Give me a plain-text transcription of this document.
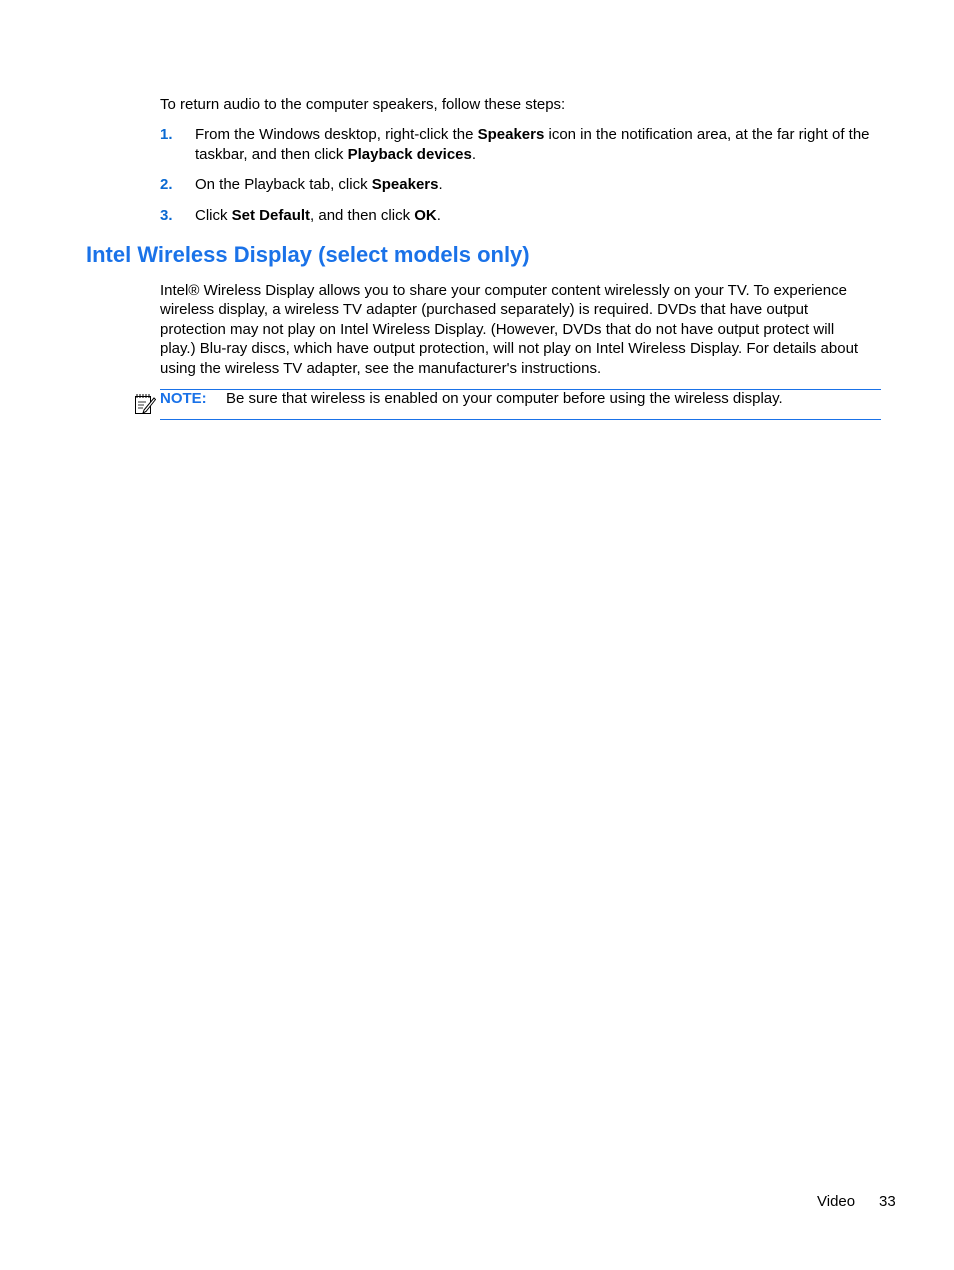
To return audio to the computer speakers, follow these steps:

1. From the Windows desktop, right-click the Speakers icon in the notification area, at the far right of the taskbar, and then click Playback devices.
2. On the Playback tab, click Speakers.
3. Click Set Default, and then click OK.
Intel Wireless Display (select models only)

Intel® Wireless Display allows you to share your computer content wirelessly on your TV. To experience wireless display, a wireless TV adapter (purchased separately) is required. DVDs that have output protection may not play on Intel Wireless Display. (However, DVDs that do not have output protect will play.) Blu-ray discs, which have output protection, will not play on Intel Wireless Display. For details about using the wireless TV adapter, see the manufacturer's instructions.

NOTE: Be sure that wireless is enabled on your computer before using the wireless display.
Video 33
